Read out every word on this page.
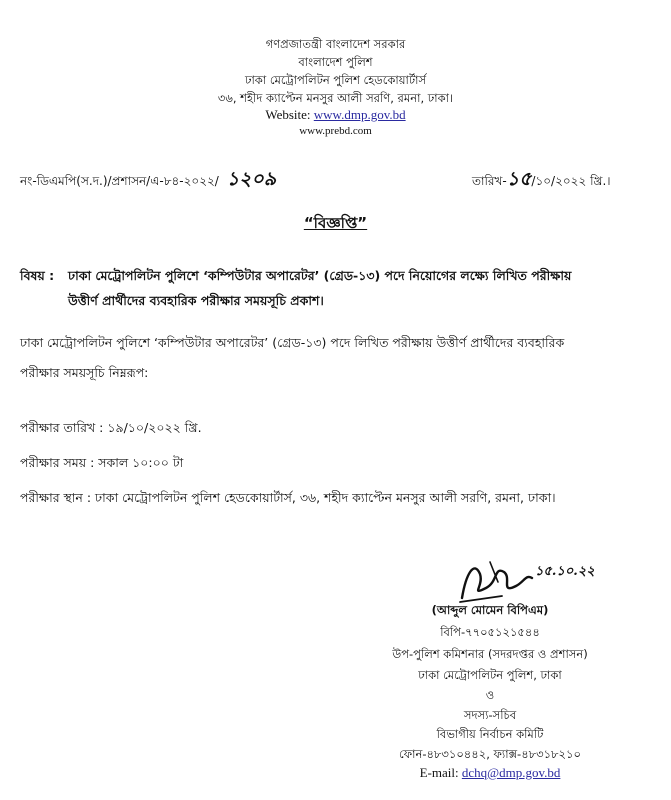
গণপ্রজাতন্ত্রী বাংলাদেশ সরকার
বাংলাদেশ পুলিশ
ঢাকা মেট্রোপলিটন পুলিশ হেডকোয়ার্টার্স
৩৬, শহীদ ক্যাপ্টেন মনসুর আলী সরণি, রমনা, ঢাকা।
Website: www.dmp.gov.bd
www.prebd.com
নং-ডিএমপি(স.দ.)/প্রশাসন/এ-৮৪-২০২২/ ১২০৯	তারিখ-১৫/১০/২০২২ খ্রি.।
“বিজ্ঞপ্তি”
বিষয় : ঢাকা মেট্রোপলিটন পুলিশে ‘কম্পিউটার অপারেটর’ (গ্রেড-১৩) পদে নিয়োগের লক্ষ্যে লিখিত পরীক্ষায়
উত্তীর্ণ প্রার্থীদের ব্যবহারিক পরীক্ষার সময়সূচি প্রকাশ।
ঢাকা মেট্রোপলিটন পুলিশে ‘কম্পিউটার অপারেটর’ (গ্রেড-১৩) পদে লিখিত পরীক্ষায় উত্তীর্ণ প্রার্থীদের ব্যবহারিক
পরীক্ষার সময়সূচি নিম্নরূপ:
পরীক্ষার তারিখ : ১৯/১০/২০২২ খ্রি.
পরীক্ষার সময় : সকাল ১০:০০ টা
পরীক্ষার স্থান : ঢাকা মেট্রোপলিটন পুলিশ হেডকোয়ার্টার্স, ৩৬, শহীদ ক্যাপ্টেন মনসুর আলী সরণি, রমনা, ঢাকা।
১৫.১০.২২
(আব্দুল মোমেন বিপিএম)
বিপি-৭৭০৫১২১৫৪৪
উপ-পুলিশ কমিশনার (সদরদপ্তর ও প্রশাসন)
ঢাকা মেট্রোপলিটন পুলিশ, ঢাকা
ও
সদস্য-সচিব
বিভাগীয় নির্বাচন কমিটি
ফোন-৪৮৩১০৪৪২, ফ্যাক্স-৪৮৩১৮২১০
E-mail: dchq@dmp.gov.bd
